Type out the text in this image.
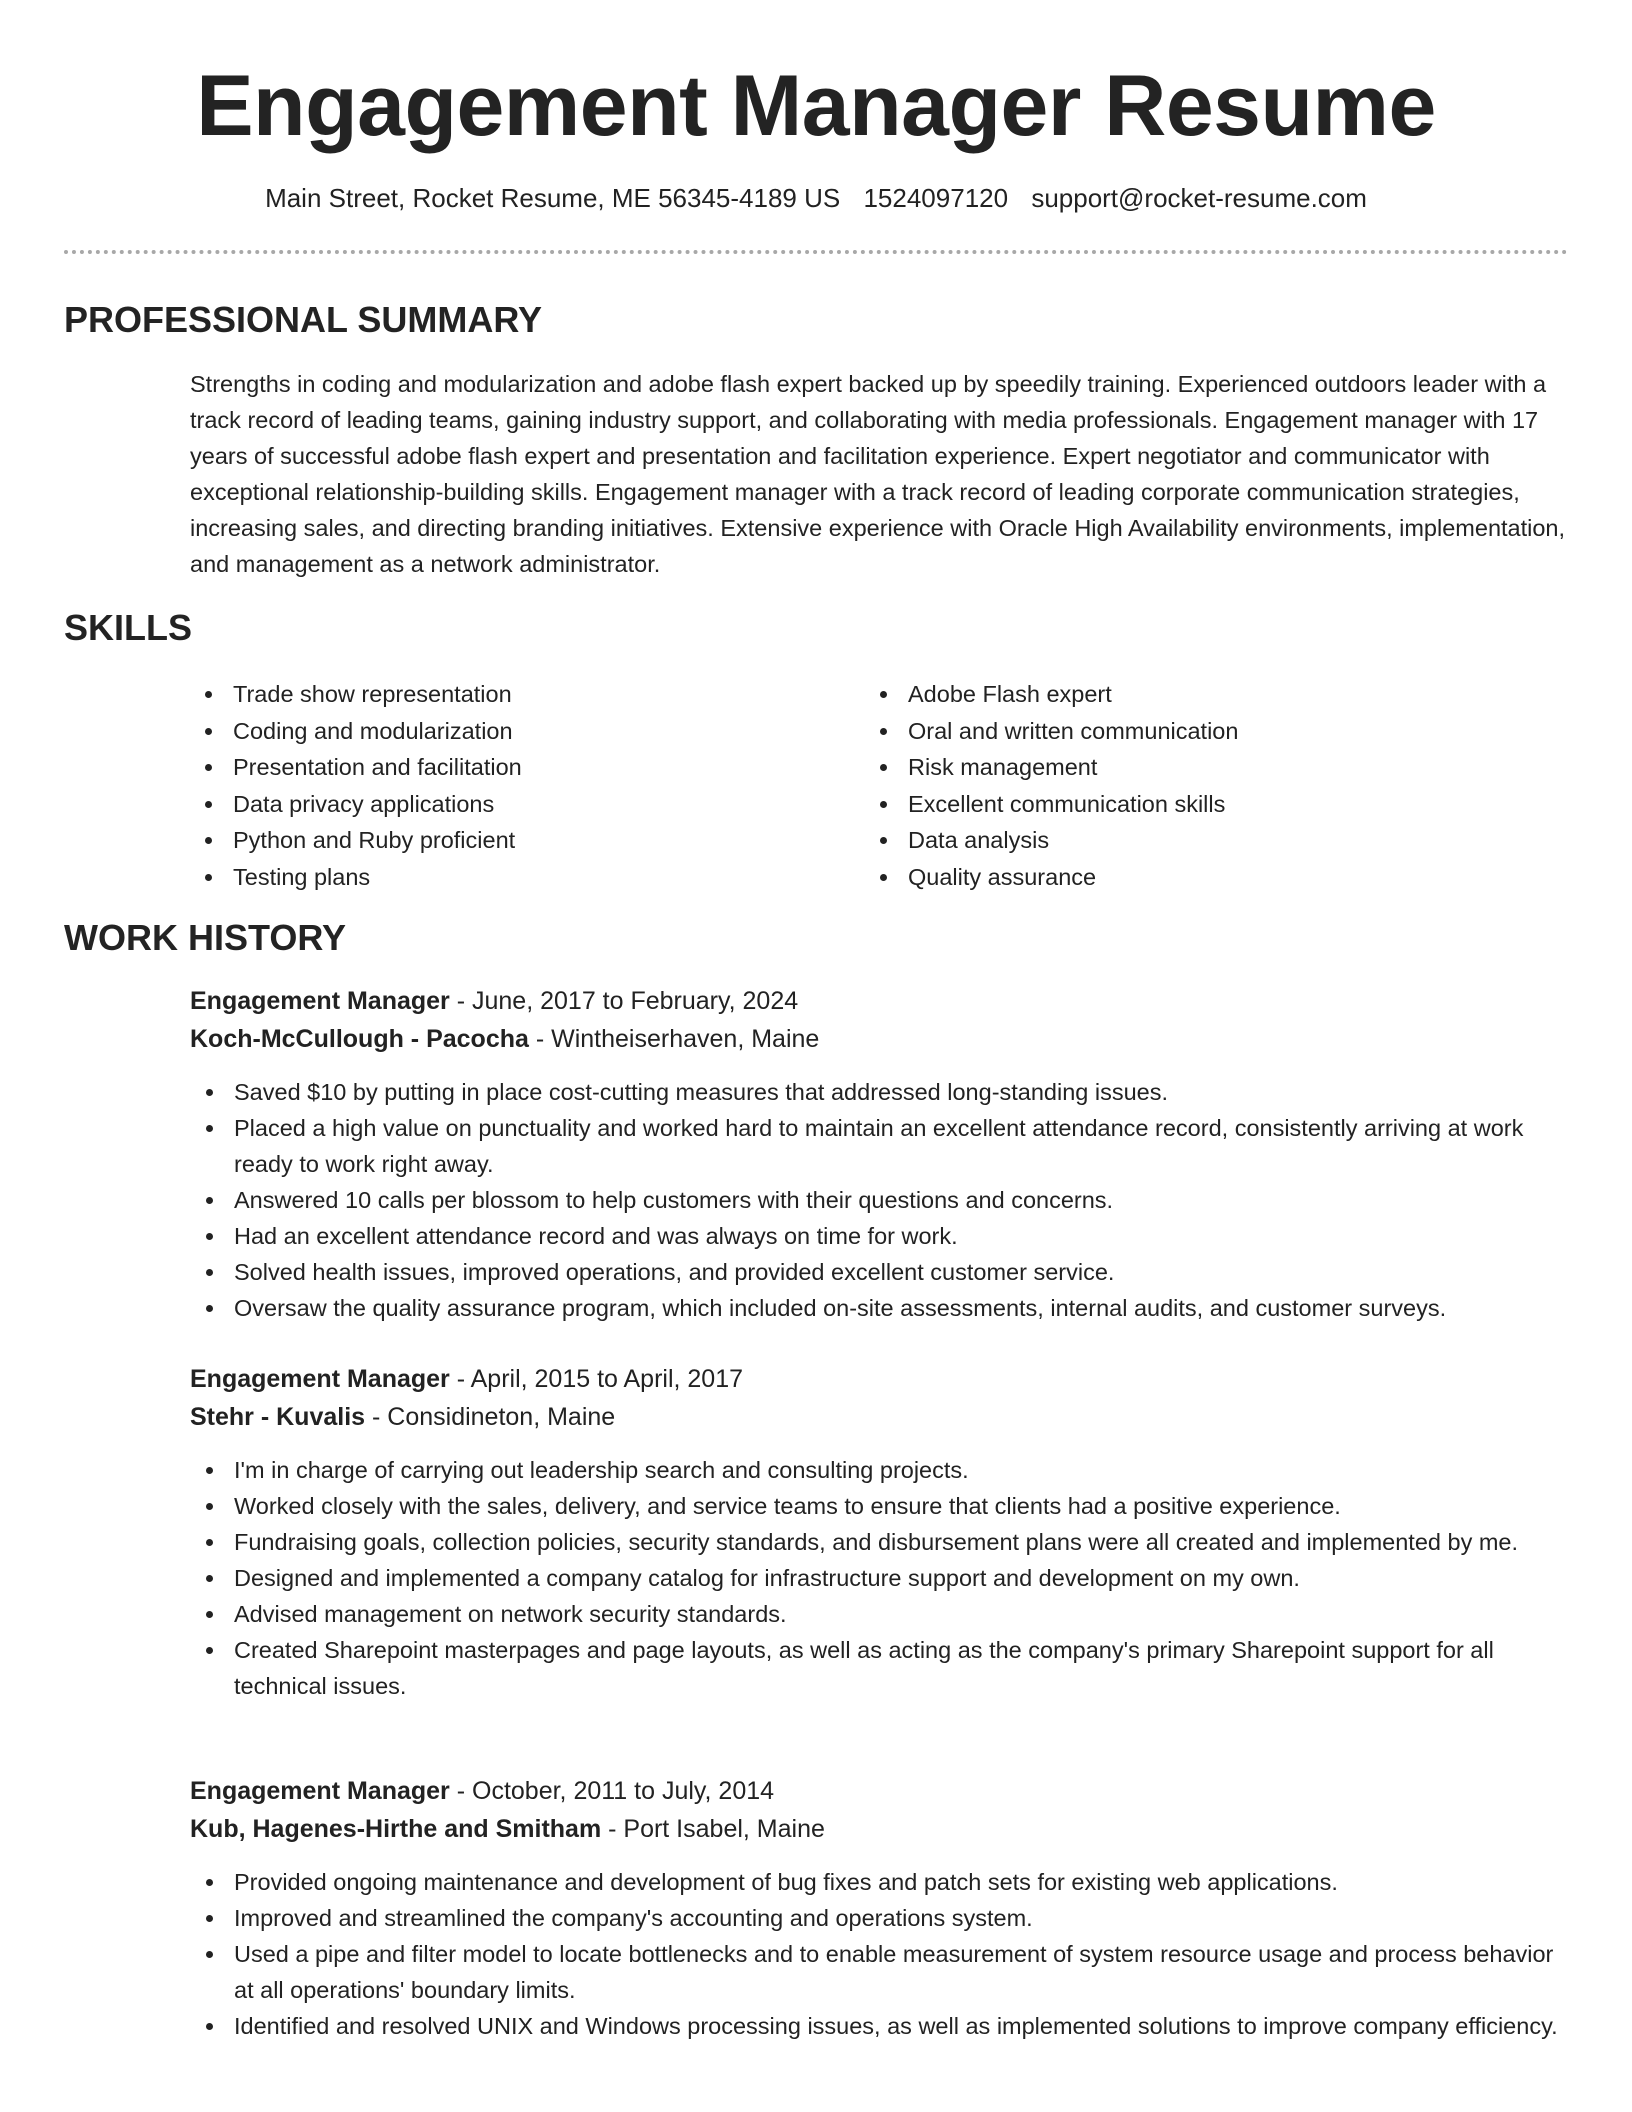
Engagement Manager Resume
Main Street, Rocket Resume, ME 56345-4189 US 1524097120 support@rocket-resume.com
PROFESSIONAL SUMMARY
Strengths in coding and modularization and adobe flash expert backed up by speedily training. Experienced outdoors leader with a track record of leading teams, gaining industry support, and collaborating with media professionals. Engagement manager with 17 years of successful adobe flash expert and presentation and facilitation experience. Expert negotiator and communicator with exceptional relationship-building skills. Engagement manager with a track record of leading corporate communication strategies, increasing sales, and directing branding initiatives. Extensive experience with Oracle High Availability environments, implementation, and management as a network administrator.
SKILLS
Trade show representation
Coding and modularization
Presentation and facilitation
Data privacy applications
Python and Ruby proficient
Testing plans
Adobe Flash expert
Oral and written communication
Risk management
Excellent communication skills
Data analysis
Quality assurance
WORK HISTORY
Engagement Manager - June, 2017 to February, 2024
Koch-McCullough - Pacocha - Wintheiserhaven, Maine
Saved $10 by putting in place cost-cutting measures that addressed long-standing issues.
Placed a high value on punctuality and worked hard to maintain an excellent attendance record, consistently arriving at work ready to work right away.
Answered 10 calls per blossom to help customers with their questions and concerns.
Had an excellent attendance record and was always on time for work.
Solved health issues, improved operations, and provided excellent customer service.
Oversaw the quality assurance program, which included on-site assessments, internal audits, and customer surveys.
Engagement Manager - April, 2015 to April, 2017
Stehr - Kuvalis - Considineton, Maine
I'm in charge of carrying out leadership search and consulting projects.
Worked closely with the sales, delivery, and service teams to ensure that clients had a positive experience.
Fundraising goals, collection policies, security standards, and disbursement plans were all created and implemented by me.
Designed and implemented a company catalog for infrastructure support and development on my own.
Advised management on network security standards.
Created Sharepoint masterpages and page layouts, as well as acting as the company's primary Sharepoint support for all technical issues.
Engagement Manager - October, 2011 to July, 2014
Kub, Hagenes-Hirthe and Smitham - Port Isabel, Maine
Provided ongoing maintenance and development of bug fixes and patch sets for existing web applications.
Improved and streamlined the company's accounting and operations system.
Used a pipe and filter model to locate bottlenecks and to enable measurement of system resource usage and process behavior at all operations' boundary limits.
Identified and resolved UNIX and Windows processing issues, as well as implemented solutions to improve company efficiency.
